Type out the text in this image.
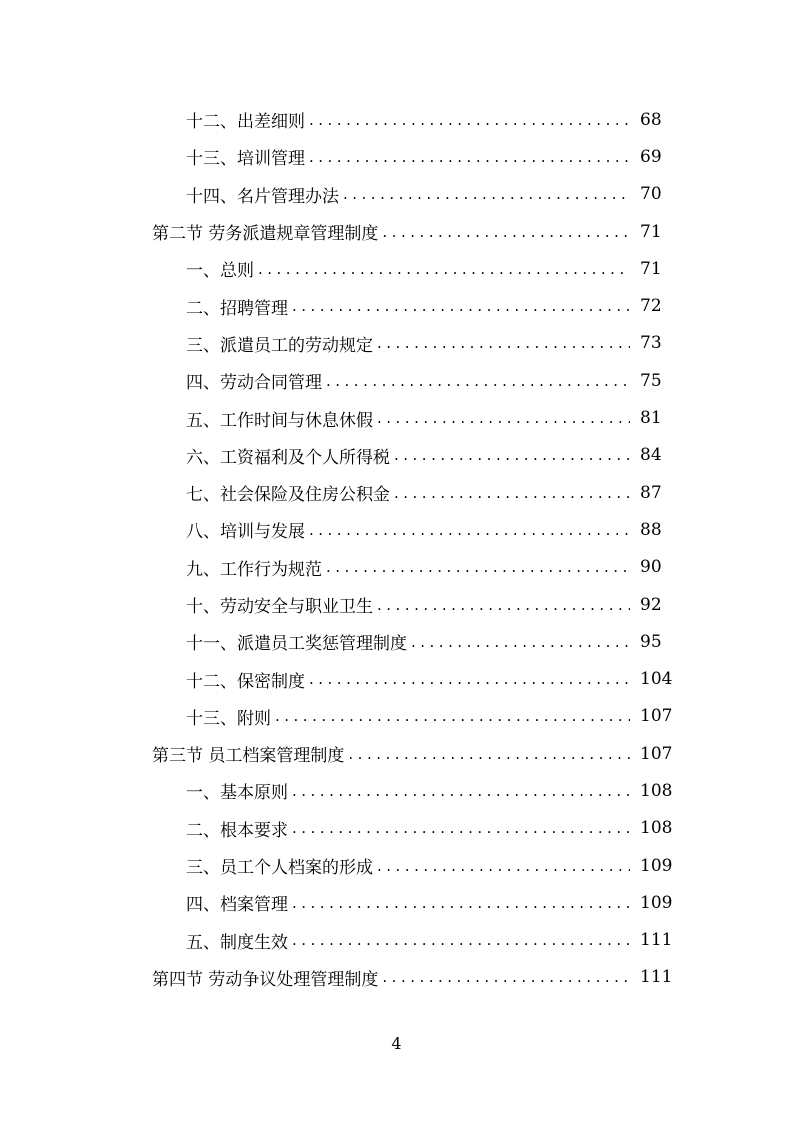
十二、出差细则 .....	68
十三、培训管理 .....	69
十四、名片管理办法 .....	70
第二节 劳务派遣规章管理制度 .....	71
一、总则 .....	71
二、招聘管理 .....	72
三、派遣员工的劳动规定 .....	73
四、劳动合同管理 .....	75
五、工作时间与休息休假 .....	81
六、工资福利及个人所得税 .....	84
七、社会保险及住房公积金 .....	87
八、培训与发展 .....	88
九、工作行为规范 .....	90
十、劳动安全与职业卫生 .....	92
十一、派遣员工奖惩管理制度 .....	95
十二、保密制度 .....	104
十三、附则 .....	107
第三节 员工档案管理制度 .....	107
一、基本原则 .....	108
二、根本要求 .....	108
三、员工个人档案的形成 .....	109
四、档案管理 .....	109
五、制度生效 .....	111
第四节 劳动争议处理管理制度 .....	111
4
